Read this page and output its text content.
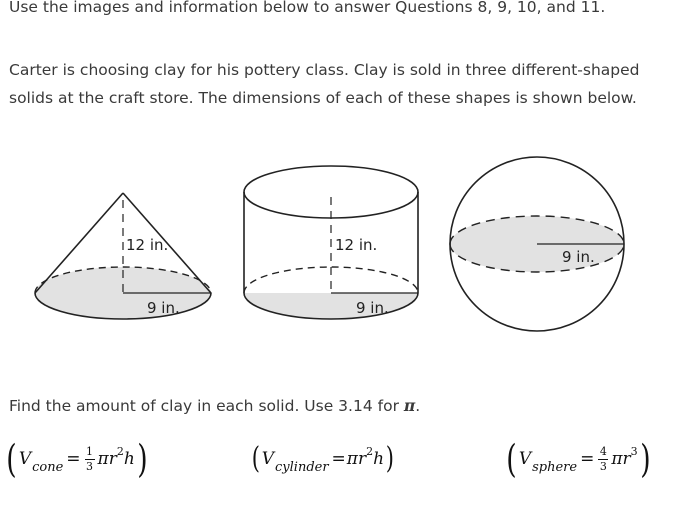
Use the images and information below to answer Questions 8, 9, 10, and 11.
Carter is choosing clay for his pottery class. Clay is sold in three different-shaped
solids at the craft store. The dimensions of each of these shapes is shown below.
12 in.
9 in.
12 in.
9 in.
9 in.
Find the amount of clay in each solid. Use 3.14 for π.
( V cone = $\frac{1}{3} \pi r^2$ h )	( V cylinder = $\pi r^2$ h )	( V sphere = $\frac{4}{3} \pi r^3$ )
